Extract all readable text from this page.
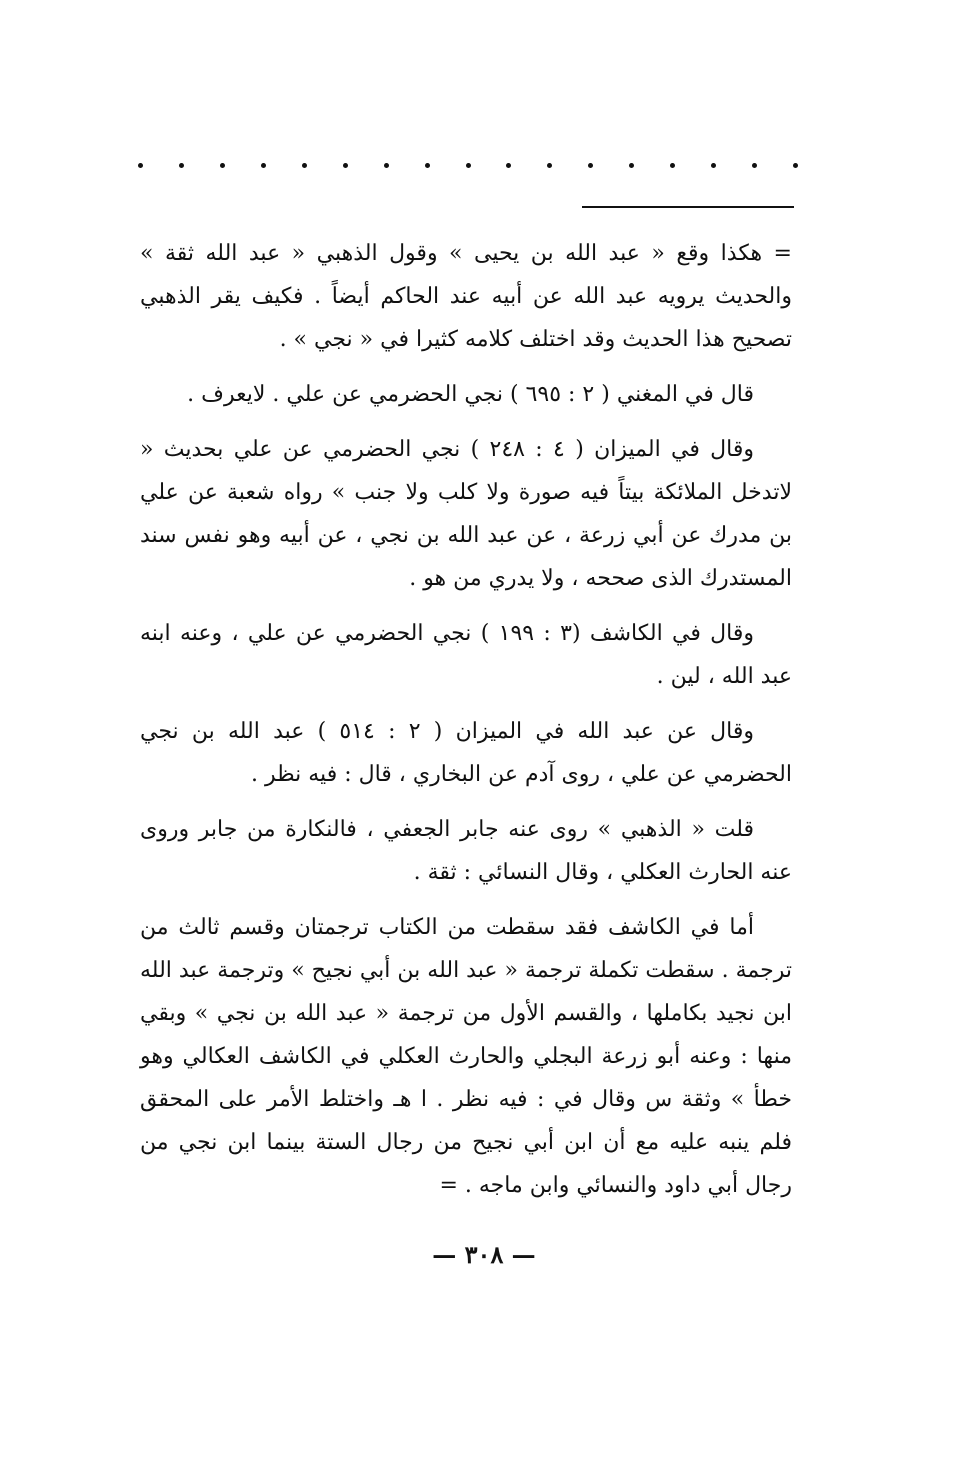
= هكذا وقع « عبد الله بن يحيى » وقول الذهبي « عبد الله ثقة » والحديث يرويه عبد الله عن أبيه عند الحاكم أيضاً . فكيف يقر الذهبي تصحيح هذا الحديث وقد اختلف كلامه كثيرا في « نجي » .

قال في المغني ( ٢ : ٦٩٥ ) نجي الحضرمي عن علي . لايعرف .

وقال في الميزان ( ٤ : ٢٤٨ ) نجي الحضرمي عن علي بحديث « لاتدخل الملائكة بيتاً فيه صورة ولا كلب ولا جنب » رواه شعبة عن علي بن مدرك عن أبي زرعة ، عن عبد الله بن نجي ، عن أبيه وهو نفس سند المستدرك الذى صححه ، ولا يدري من هو .

وقال في الكاشف (٣ : ١٩٩ ) نجي الحضرمي عن علي ، وعنه ابنه عبد الله ، لين .

وقال عن عبد الله في الميزان ( ٢ : ٥١٤ ) عبد الله بن نجي الحضرمي عن علي ، روى آدم عن البخاري ، قال : فيه نظر .

قلت « الذهبي » روى عنه جابر الجعفي ، فالنكارة من جابر وروى عنه الحارث العكلي ، وقال النسائي : ثقة .

أما في الكاشف فقد سقطت من الكتاب ترجمتان وقسم ثالث من ترجمة . سقطت تكملة ترجمة « عبد الله بن أبي نجيح » وترجمة عبد الله ابن نجيد بكاملها ، والقسم الأول من ترجمة « عبد الله بن نجي » وبقي منها : وعنه أبو زرعة البجلي والحارث العكلي في الكاشف العكالي وهو خطأ » وثقة س وقال في : فيه نظر . ا هـ واختلط الأمر على المحقق فلم ينبه عليه مع أن ابن أبي نجيح من رجال الستة بينما ابن نجي من رجال أبي داود والنسائي وابن ماجه . =

— ٣٠٨ —
